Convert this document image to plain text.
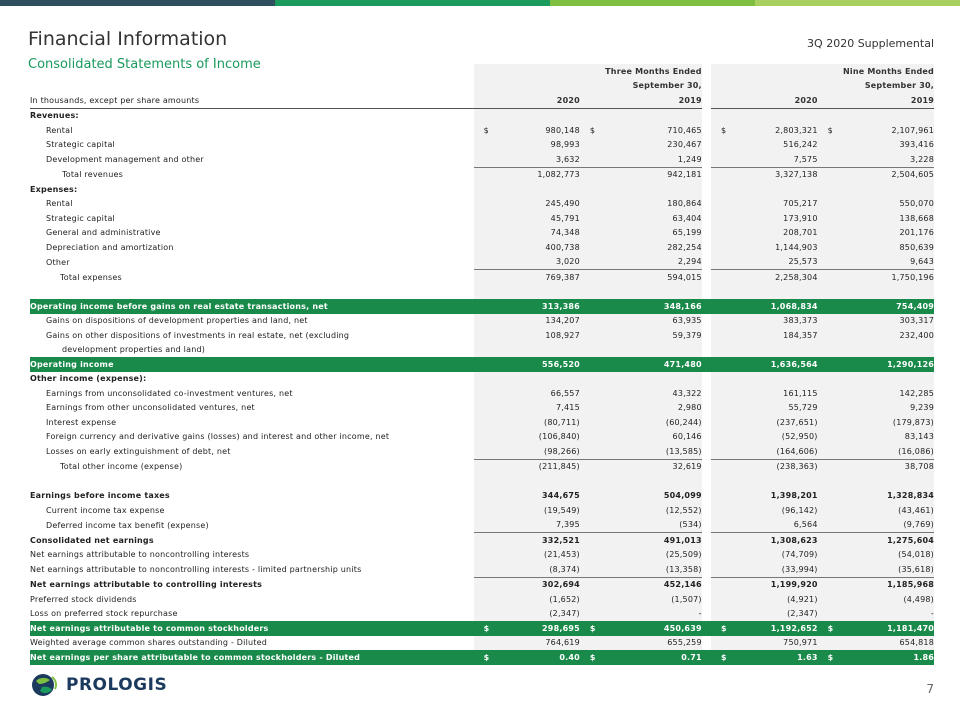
Financial Information
Consolidated Statements of Income
3Q 2020 Supplemental
				Three Months Ended					Nine Months Ended
				September 30,					September 30,
In thousands, except per share amounts		2020		2019			2020		2019
Revenues:									
Rental	$	980,148	$	710,465		$	2,803,321	$	2,107,961
Strategic capital		98,993		230,467			516,242		393,416
Development management and other		3,632		1,249			7,575		3,228
Total revenues		1,082,773		942,181			3,327,138		2,504,605
Expenses:									
Rental		245,490		180,864			705,217		550,070
Strategic capital		45,791		63,404			173,910		138,668
General and administrative		74,348		65,199			208,701		201,176
Depreciation and amortization		400,738		282,254			1,144,903		850,639
Other		3,020		2,294			25,573		9,643
Total expenses		769,387		594,015			2,258,304		1,750,196

Operating income before gains on real estate transactions, net		313,386		348,166			1,068,834		754,409
Gains on dispositions of development properties and land, net		134,207		63,935			383,373		303,317
Gains on other dispositions of investments in real estate, net (excluding		108,927		59,379			184,357		232,400
development properties and land)									
Operating income		556,520		471,480			1,636,564		1,290,126
Other income (expense):									
Earnings from unconsolidated co-investment ventures, net		66,557		43,322			161,115		142,285
Earnings from other unconsolidated ventures, net		7,415		2,980			55,729		9,239
Interest expense		(80,711)		(60,244)			(237,651)		(179,873)
Foreign currency and derivative gains (losses) and interest and other income, net		(106,840)		60,146			(52,950)		83,143
Losses on early extinguishment of debt, net		(98,266)		(13,585)			(164,606)		(16,086)
Total other income (expense)		(211,845)		32,619			(238,363)		38,708

Earnings before income taxes		344,675		504,099			1,398,201		1,328,834
Current income tax expense		(19,549)		(12,552)			(96,142)		(43,461)
Deferred income tax benefit (expense)		7,395		(534)			6,564		(9,769)
Consolidated net earnings		332,521		491,013			1,308,623		1,275,604
Net earnings attributable to noncontrolling interests		(21,453)		(25,509)			(74,709)		(54,018)
Net earnings attributable to noncontrolling interests - limited partnership units		(8,374)		(13,358)			(33,994)		(35,618)
Net earnings attributable to controlling interests		302,694		452,146			1,199,920		1,185,968
Preferred stock dividends		(1,652)		(1,507)			(4,921)		(4,498)
Loss on preferred stock repurchase		(2,347)		-			(2,347)		-
Net earnings attributable to common stockholders	$	298,695	$	450,639		$	1,192,652	$	1,181,470
Weighted average common shares outstanding - Diluted		764,619		655,259			750,971		654,818
Net earnings per share attributable to common stockholders - Diluted	$	0.40	$	0.71		$	1.63	$	1.86
PROLOGIS	7
